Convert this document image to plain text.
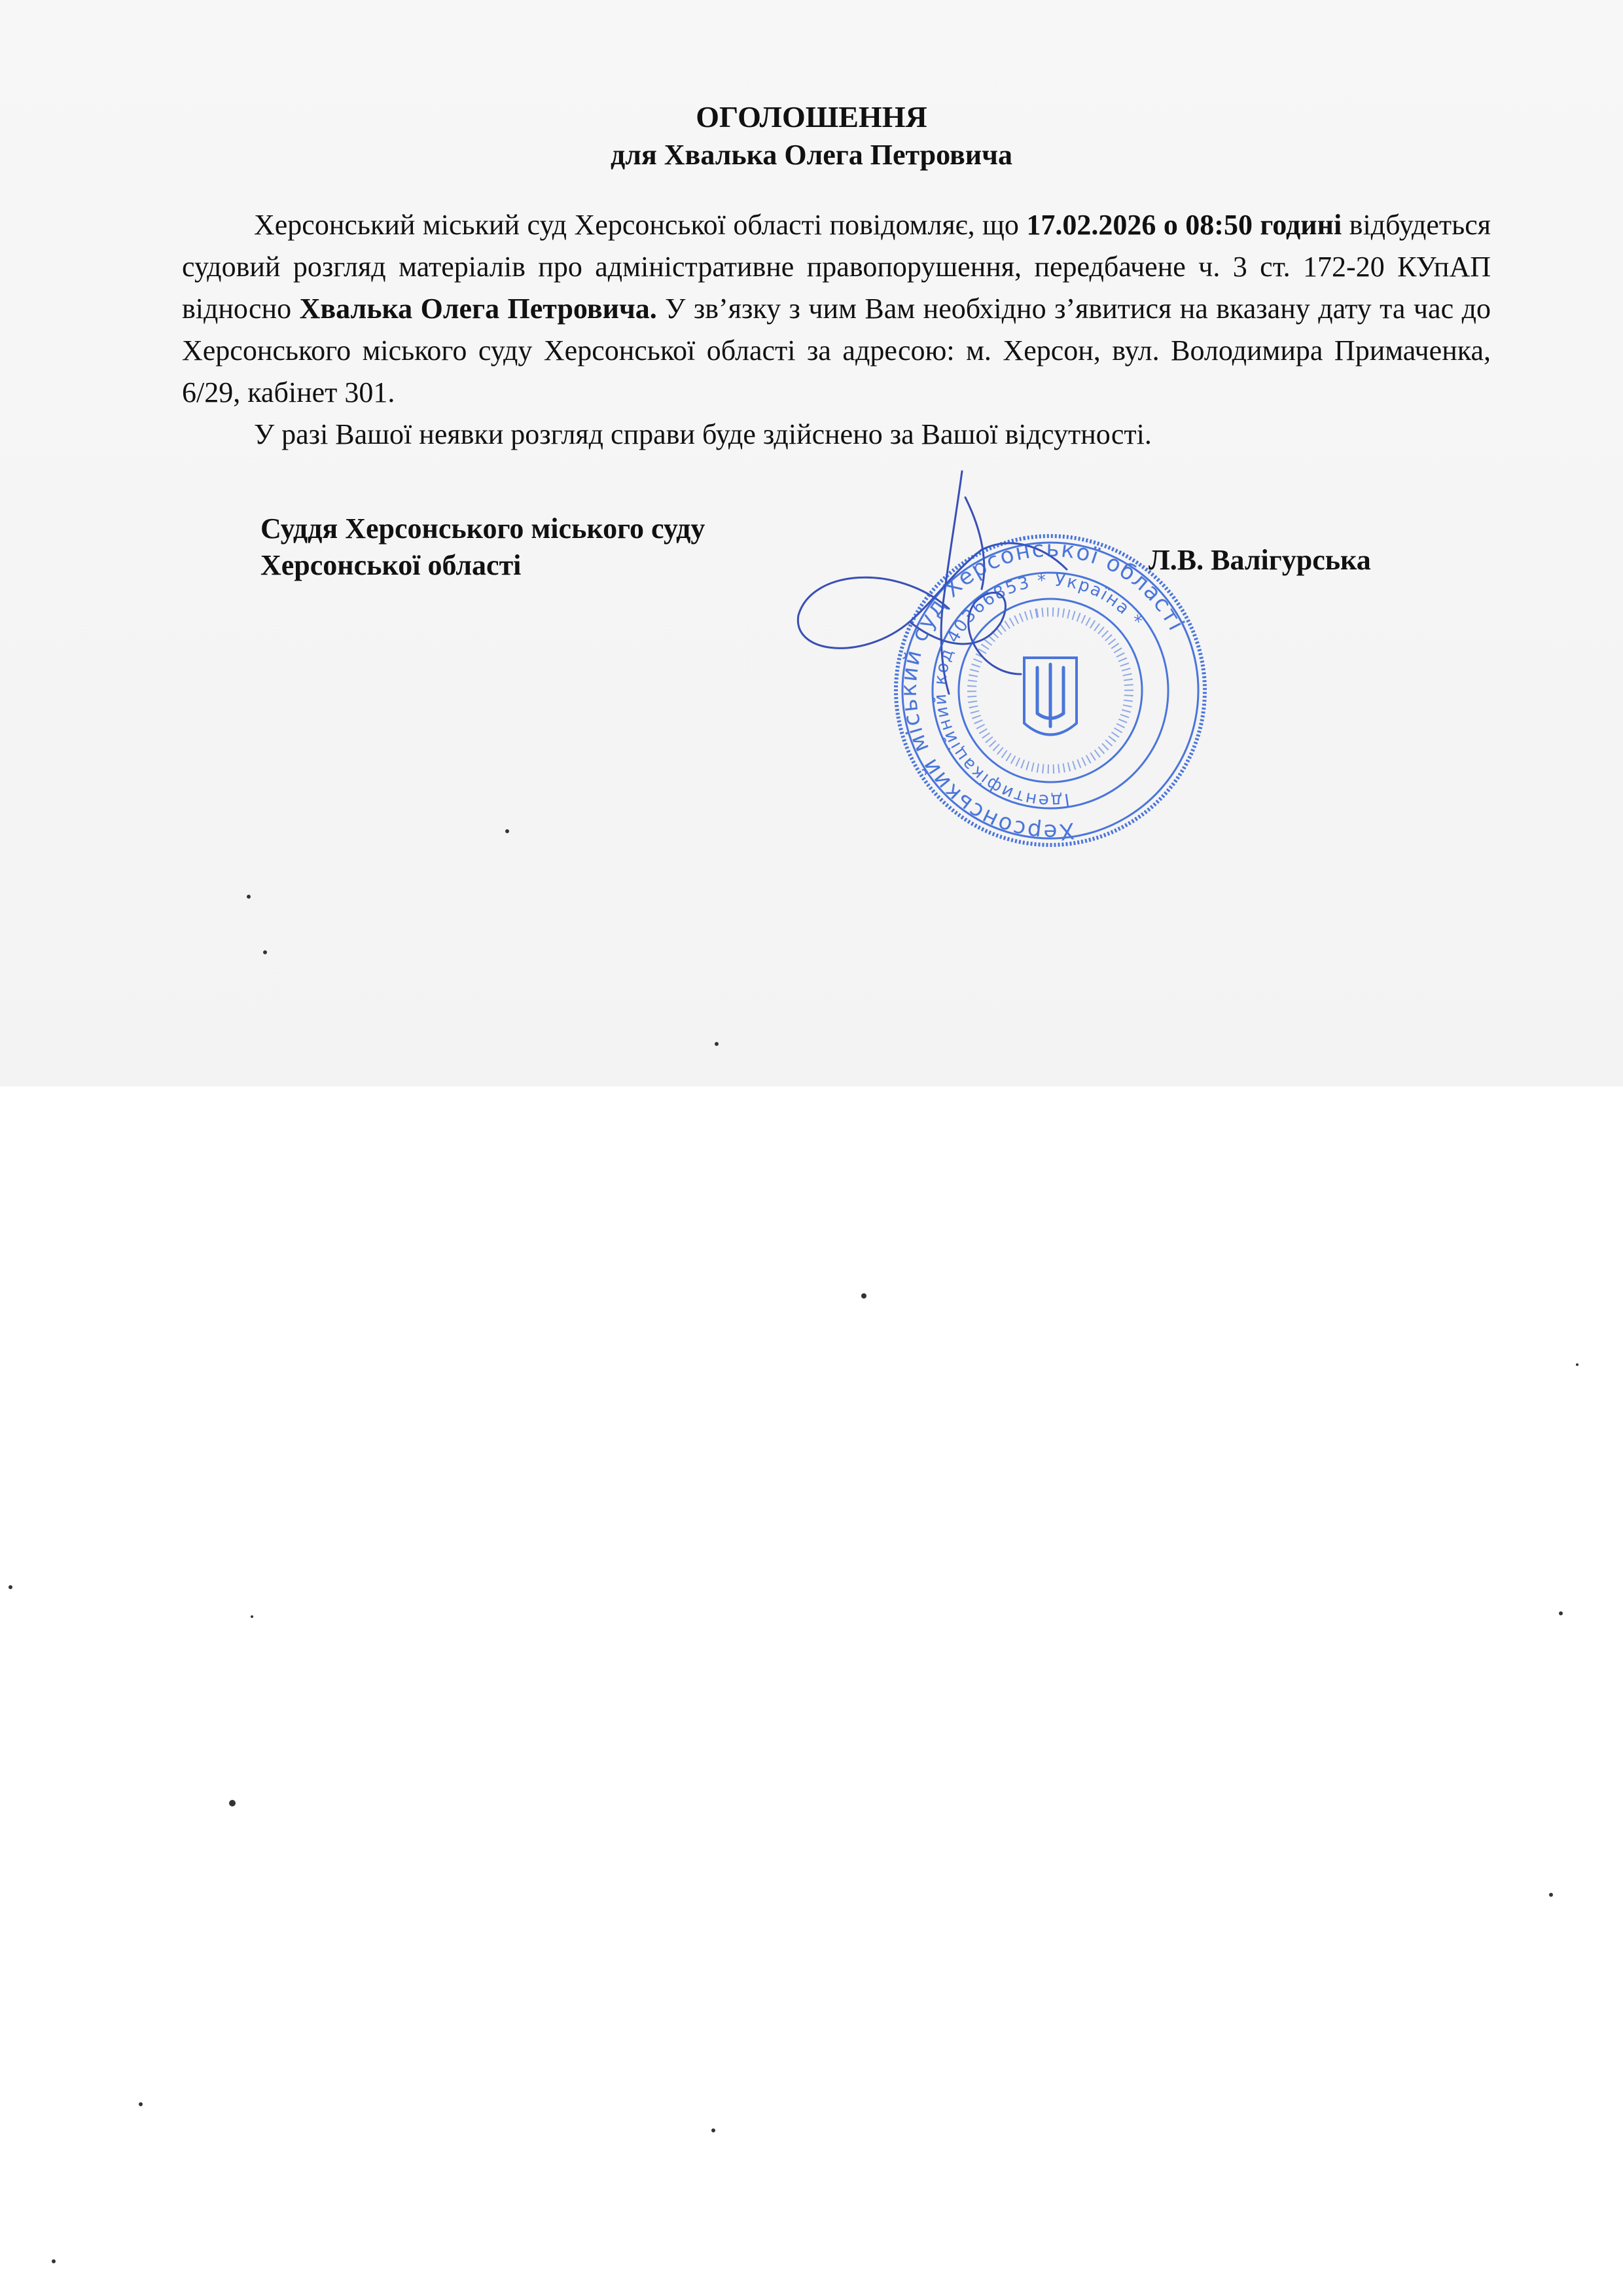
ОГОЛОШЕННЯ
для Хвалька Олега Петровича

Херсонський міський суд Херсонської області повідомляє, що 17.02.2026 о 08:50 годині відбудеться судовий розгляд матеріалів про адміністративне правопорушення, передбачене ч. 3 ст. 172-20 КУпАП відносно Хвалька Олега Петровича. У зв’язку з чим Вам необхідно з’явитися на вказану дату та час до Херсонського міського суду Херсонської області за адресою: м. Херсон, вул. Володимира Примаченка, 6/29, кабінет 301.

У разі Вашої неявки розгляд справи буде здійснено за Вашої відсутності.

Суддя Херсонського міського суду
Херсонської області	Л.В. Валігурська
Херсонський міський суд Херсонської області
Ідентифікаційний код 40366853 * Україна *
